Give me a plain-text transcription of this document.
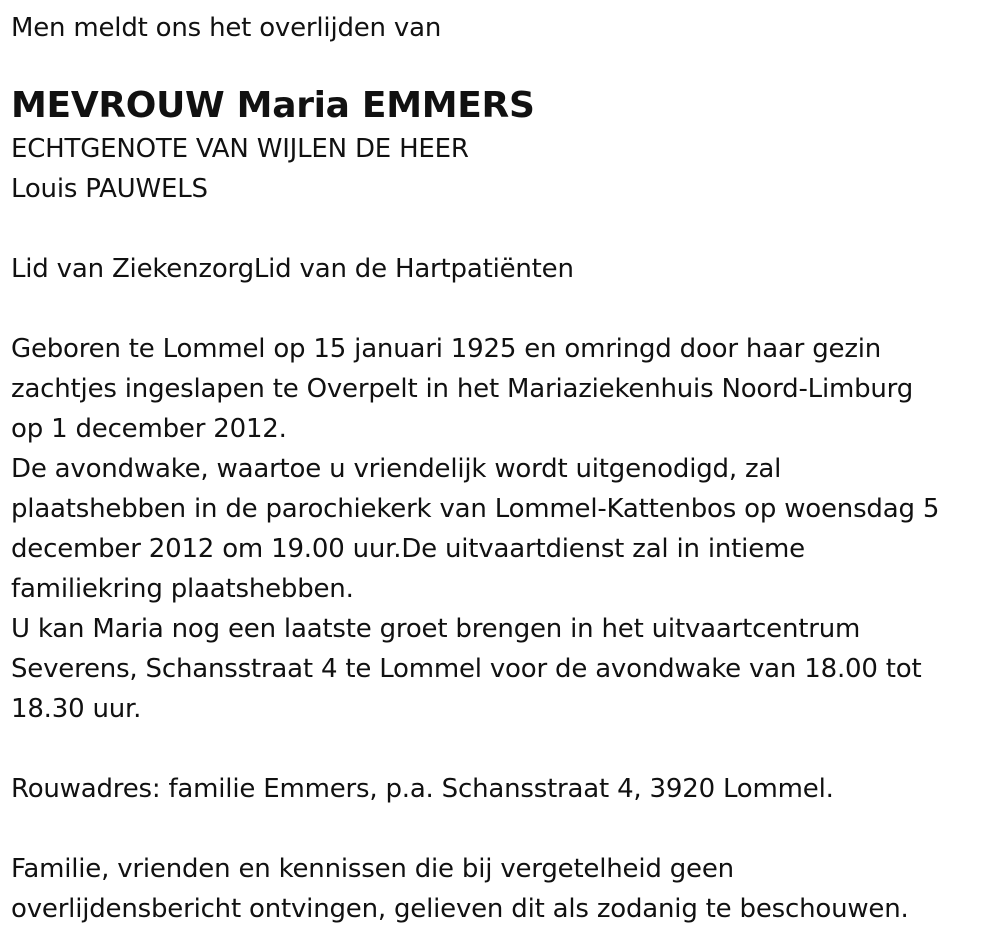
Men meldt ons het overlijden van
MEVROUW Maria EMMERS
ECHTGENOTE VAN WIJLEN DE HEER
Louis PAUWELS
Lid van ZiekenzorgLid van de Hartpatiënten
Geboren te Lommel op 15 januari 1925 en omringd door haar gezin
zachtjes ingeslapen te Overpelt in het Mariaziekenhuis Noord-Limburg
op 1 december 2012.
De avondwake, waartoe u vriendelijk wordt uitgenodigd, zal
plaatshebben in de parochiekerk van Lommel-Kattenbos op woensdag 5
december 2012 om 19.00 uur.De uitvaartdienst zal in intieme
familiekring plaatshebben.
U kan Maria nog een laatste groet brengen in het uitvaartcentrum
Severens, Schansstraat 4 te Lommel voor de avondwake van 18.00 tot
18.30 uur.
Rouwadres: familie Emmers, p.a. Schansstraat 4, 3920 Lommel.
Familie, vrienden en kennissen die bij vergetelheid geen
overlijdensbericht ontvingen, gelieven dit als zodanig te beschouwen.
